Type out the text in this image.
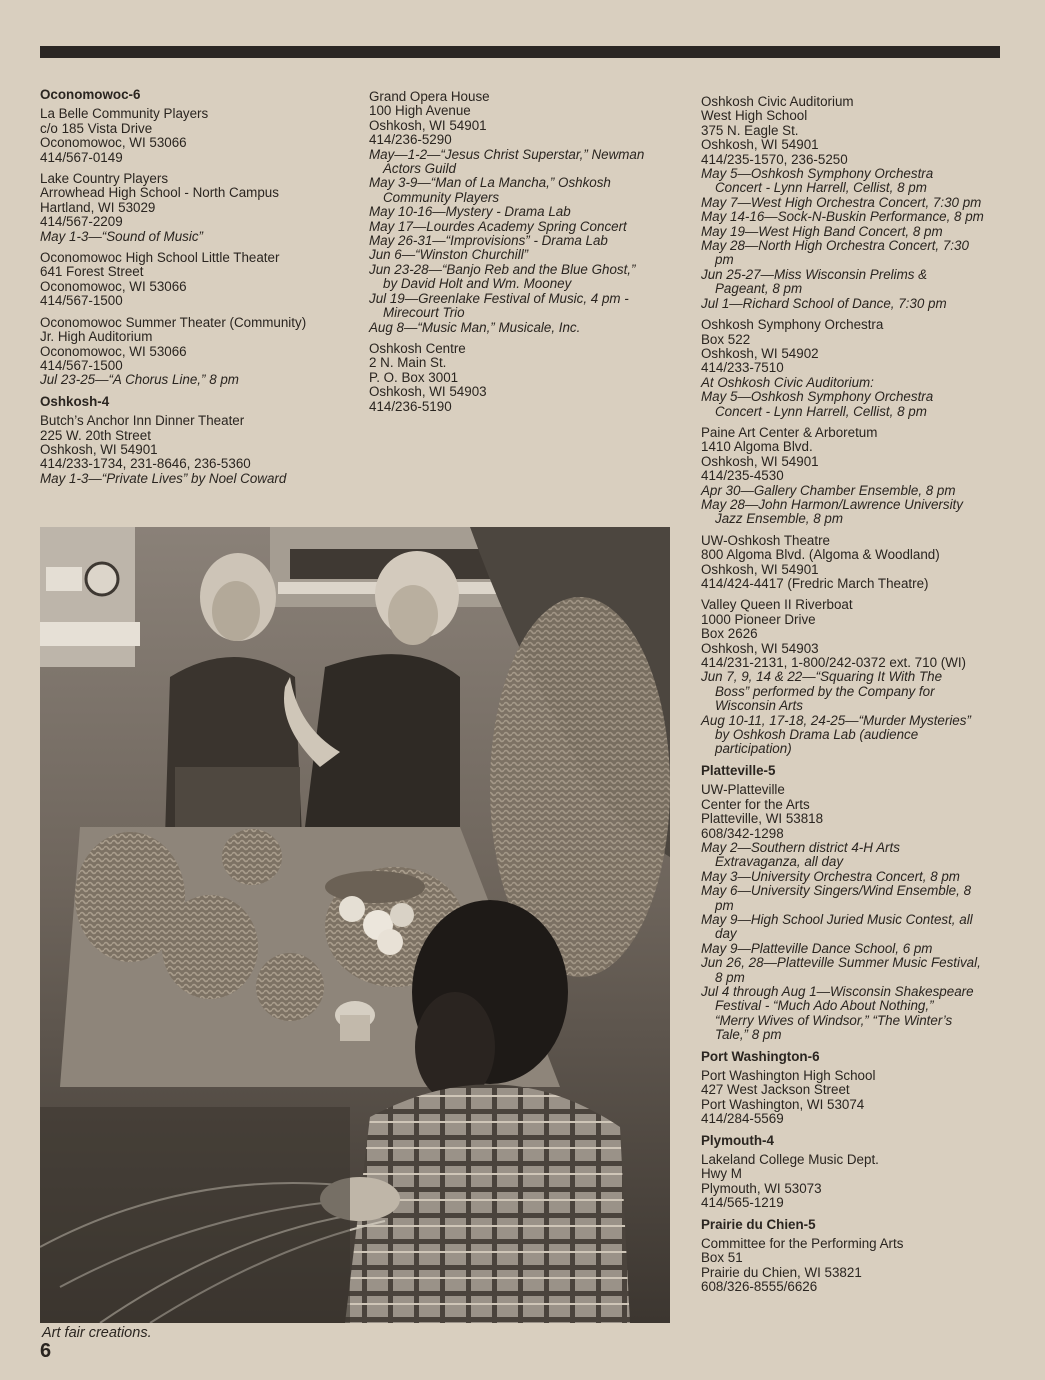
Oconomowoc-6
La Belle Community Players
c/o 185 Vista Drive
Oconomowoc, WI 53066
414/567-0149
Lake Country Players
Arrowhead High School - North Campus
Hartland, WI 53029
414/567-2209
May 1-3—“Sound of Music”
Oconomowoc High School Little Theater
641 Forest Street
Oconomowoc, WI 53066
414/567-1500
Oconomowoc Summer Theater (Community)
Jr. High Auditorium
Oconomowoc, WI 53066
414/567-1500
Jul 23-25—“A Chorus Line,” 8 pm
Oshkosh-4
Butch’s Anchor Inn Dinner Theater
225 W. 20th Street
Oshkosh, WI 54901
414/233-1734, 231-8646, 236-5360
May 1-3—“Private Lives” by Noel Coward
Grand Opera House
100 High Avenue
Oshkosh, WI 54901
414/236-5290
May—1-2—“Jesus Christ Superstar,” Newman
Actors Guild
May 3-9—“Man of La Mancha,” Oshkosh
Community Players
May 10-16—Mystery - Drama Lab
May 17—Lourdes Academy Spring Concert
May 26-31—“Improvisions” - Drama Lab
Jun 6—“Winston Churchill”
Jun 23-28—“Banjo Reb and the Blue Ghost,”
by David Holt and Wm. Mooney
Jul 19—Greenlake Festival of Music, 4 pm -
Mirecourt Trio
Aug 8—“Music Man,” Musicale, Inc.
Oshkosh Centre
2 N. Main St.
P. O. Box 3001
Oshkosh, WI 54903
414/236-5190
Oshkosh Civic Auditorium
West High School
375 N. Eagle St.
Oshkosh, WI 54901
414/235-1570, 236-5250
May 5—Oshkosh Symphony Orchestra
Concert - Lynn Harrell, Cellist, 8 pm
May 7—West High Orchestra Concert, 7:30 pm
May 14-16—Sock-N-Buskin Performance, 8 pm
May 19—West High Band Concert, 8 pm
May 28—North High Orchestra Concert, 7:30
pm
Jun 25-27—Miss Wisconsin Prelims &
Pageant, 8 pm
Jul 1—Richard School of Dance, 7:30 pm
Oshkosh Symphony Orchestra
Box 522
Oshkosh, WI 54902
414/233-7510
At Oshkosh Civic Auditorium:
May 5—Oshkosh Symphony Orchestra
Concert - Lynn Harrell, Cellist, 8 pm
Paine Art Center & Arboretum
1410 Algoma Blvd.
Oshkosh, WI 54901
414/235-4530
Apr 30—Gallery Chamber Ensemble, 8 pm
May 28—John Harmon/Lawrence University
Jazz Ensemble, 8 pm
UW-Oshkosh Theatre
800 Algoma Blvd. (Algoma & Woodland)
Oshkosh, WI 54901
414/424-4417 (Fredric March Theatre)
Valley Queen II Riverboat
1000 Pioneer Drive
Box 2626
Oshkosh, WI 54903
414/231-2131, 1-800/242-0372 ext. 710 (WI)
Jun 7, 9, 14 & 22—“Squaring It With The
Boss” performed by the Company for
Wisconsin Arts
Aug 10-11, 17-18, 24-25—“Murder Mysteries”
by Oshkosh Drama Lab (audience
participation)
Platteville-5
UW-Platteville
Center for the Arts
Platteville, WI 53818
608/342-1298
May 2—Southern district 4-H Arts
Extravaganza, all day
May 3—University Orchestra Concert, 8 pm
May 6—University Singers/Wind Ensemble, 8
pm
May 9—High School Juried Music Contest, all
day
May 9—Platteville Dance School, 6 pm
Jun 26, 28—Platteville Summer Music Festival,
8 pm
Jul 4 through Aug 1—Wisconsin Shakespeare
Festival - “Much Ado About Nothing,”
“Merry Wives of Windsor,” “The Winter’s
Tale,” 8 pm
Port Washington-6
Port Washington High School
427 West Jackson Street
Port Washington, WI 53074
414/284-5569
Plymouth-4
Lakeland College Music Dept.
Hwy M
Plymouth, WI 53073
414/565-1219
Prairie du Chien-5
Committee for the Performing Arts
Box 51
Prairie du Chien, WI 53821
608/326-8555/6626
Art fair creations.
6
